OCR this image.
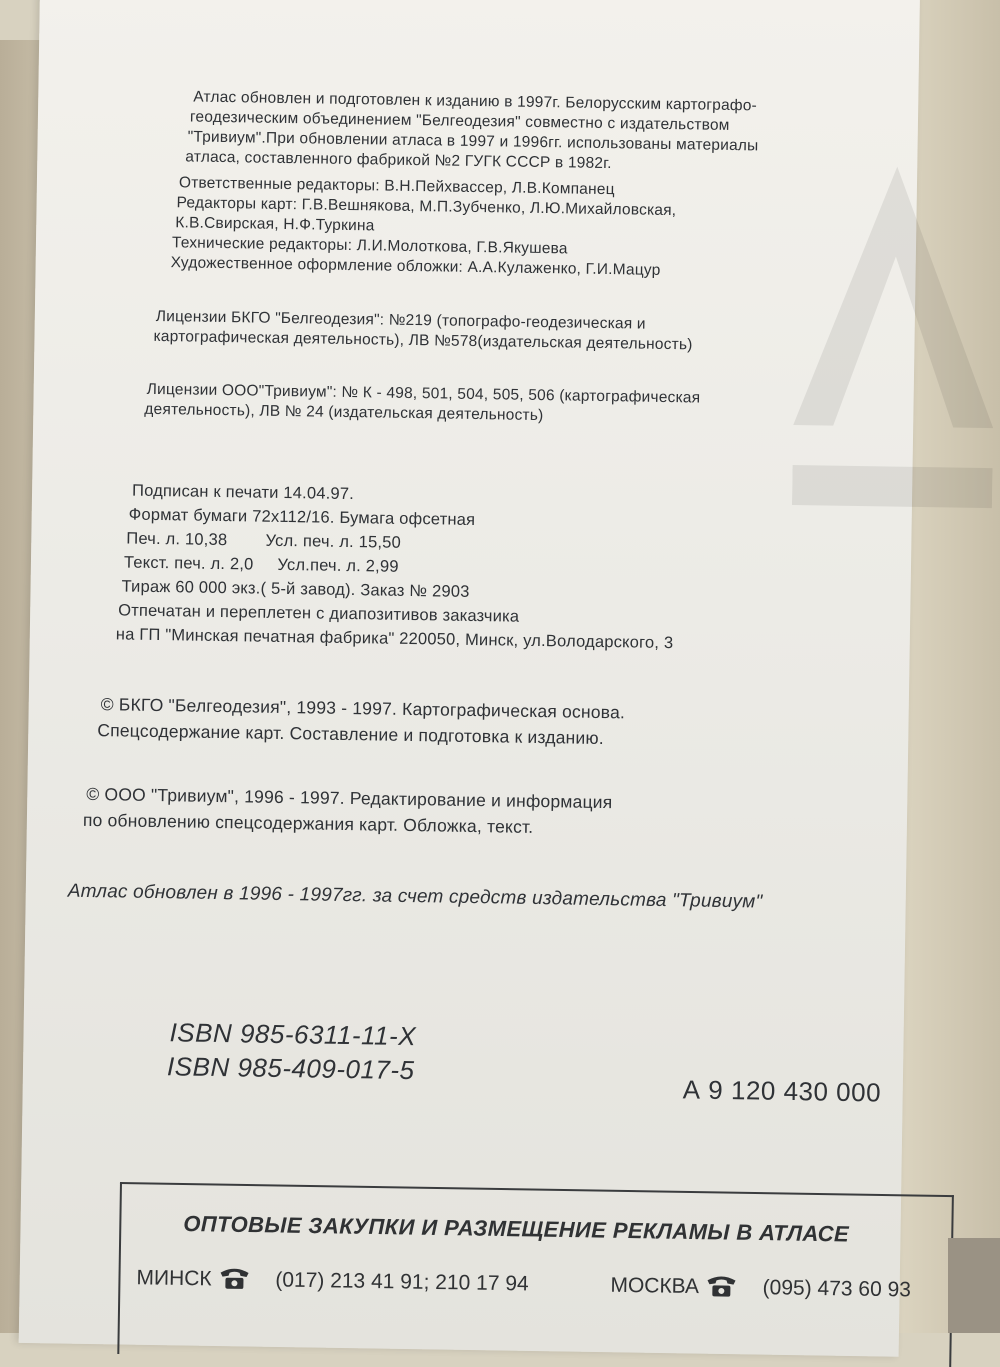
Атлас обновлен и подготовлен к изданию в 1997г. Белорусским картографо-

геодезическим объединением "Белгеодезия" совместно с издательством

"Тривиум".При обновлении атласа в 1997 и 1996гг. использованы материалы

атласа, составленного фабрикой №2 ГУГК СССР в 1982г.

Ответственные редакторы: В.Н.Пейхвассер, Л.В.Компанец

Редакторы карт: Г.В.Вешнякова, М.П.Зубченко, Л.Ю.Михайловская,

К.В.Свирская, Н.Ф.Туркина

Технические редакторы: Л.И.Молоткова, Г.В.Якушева

Художественное оформление обложки: А.А.Кулаженко, Г.И.Мацур

Лицензии БКГО "Белгеодезия": №219 (топографо-геодезическая и

картографическая деятельность), ЛВ №578(издательская деятельность)

Лицензии ООО"Тривиум": № К - 498, 501, 504, 505, 506 (картографическая

деятельность), ЛВ № 24 (издательская деятельность)

Подписан к печати 14.04.97.

Формат бумаги 72х112/16. Бумага офсетная

Печ. л. 10,38        Усл. печ. л. 15,50

Текст. печ. л. 2,0     Усл.печ. л. 2,99

Тираж 60 000 экз.( 5-й завод). Заказ № 2903

Отпечатан и переплетен с диапозитивов заказчика

на ГП "Минская печатная фабрика" 220050, Минск, ул.Володарского, 3

© БКГО "Белгеодезия", 1993 - 1997. Картографическая основа.

Спецсодержание карт. Составление и подготовка к изданию.

© ООО "Тривиум", 1996 - 1997. Редактирование и информация

по обновлению спецсодержания карт. Обложка, текст.

Атлас обновлен в 1996 - 1997гг. за счет средств издательства "Тривиум"

ISBN 985-6311-11-X

ISBN 985-409-017-5

А 9 120 430 000

ОПТОВЫЕ ЗАКУПКИ И РАЗМЕЩЕНИЕ РЕКЛАМЫ В АТЛАСЕ
МИНСК	(017) 213 41 91; 210 17 94	МОСКВА	(095) 473 60 93
